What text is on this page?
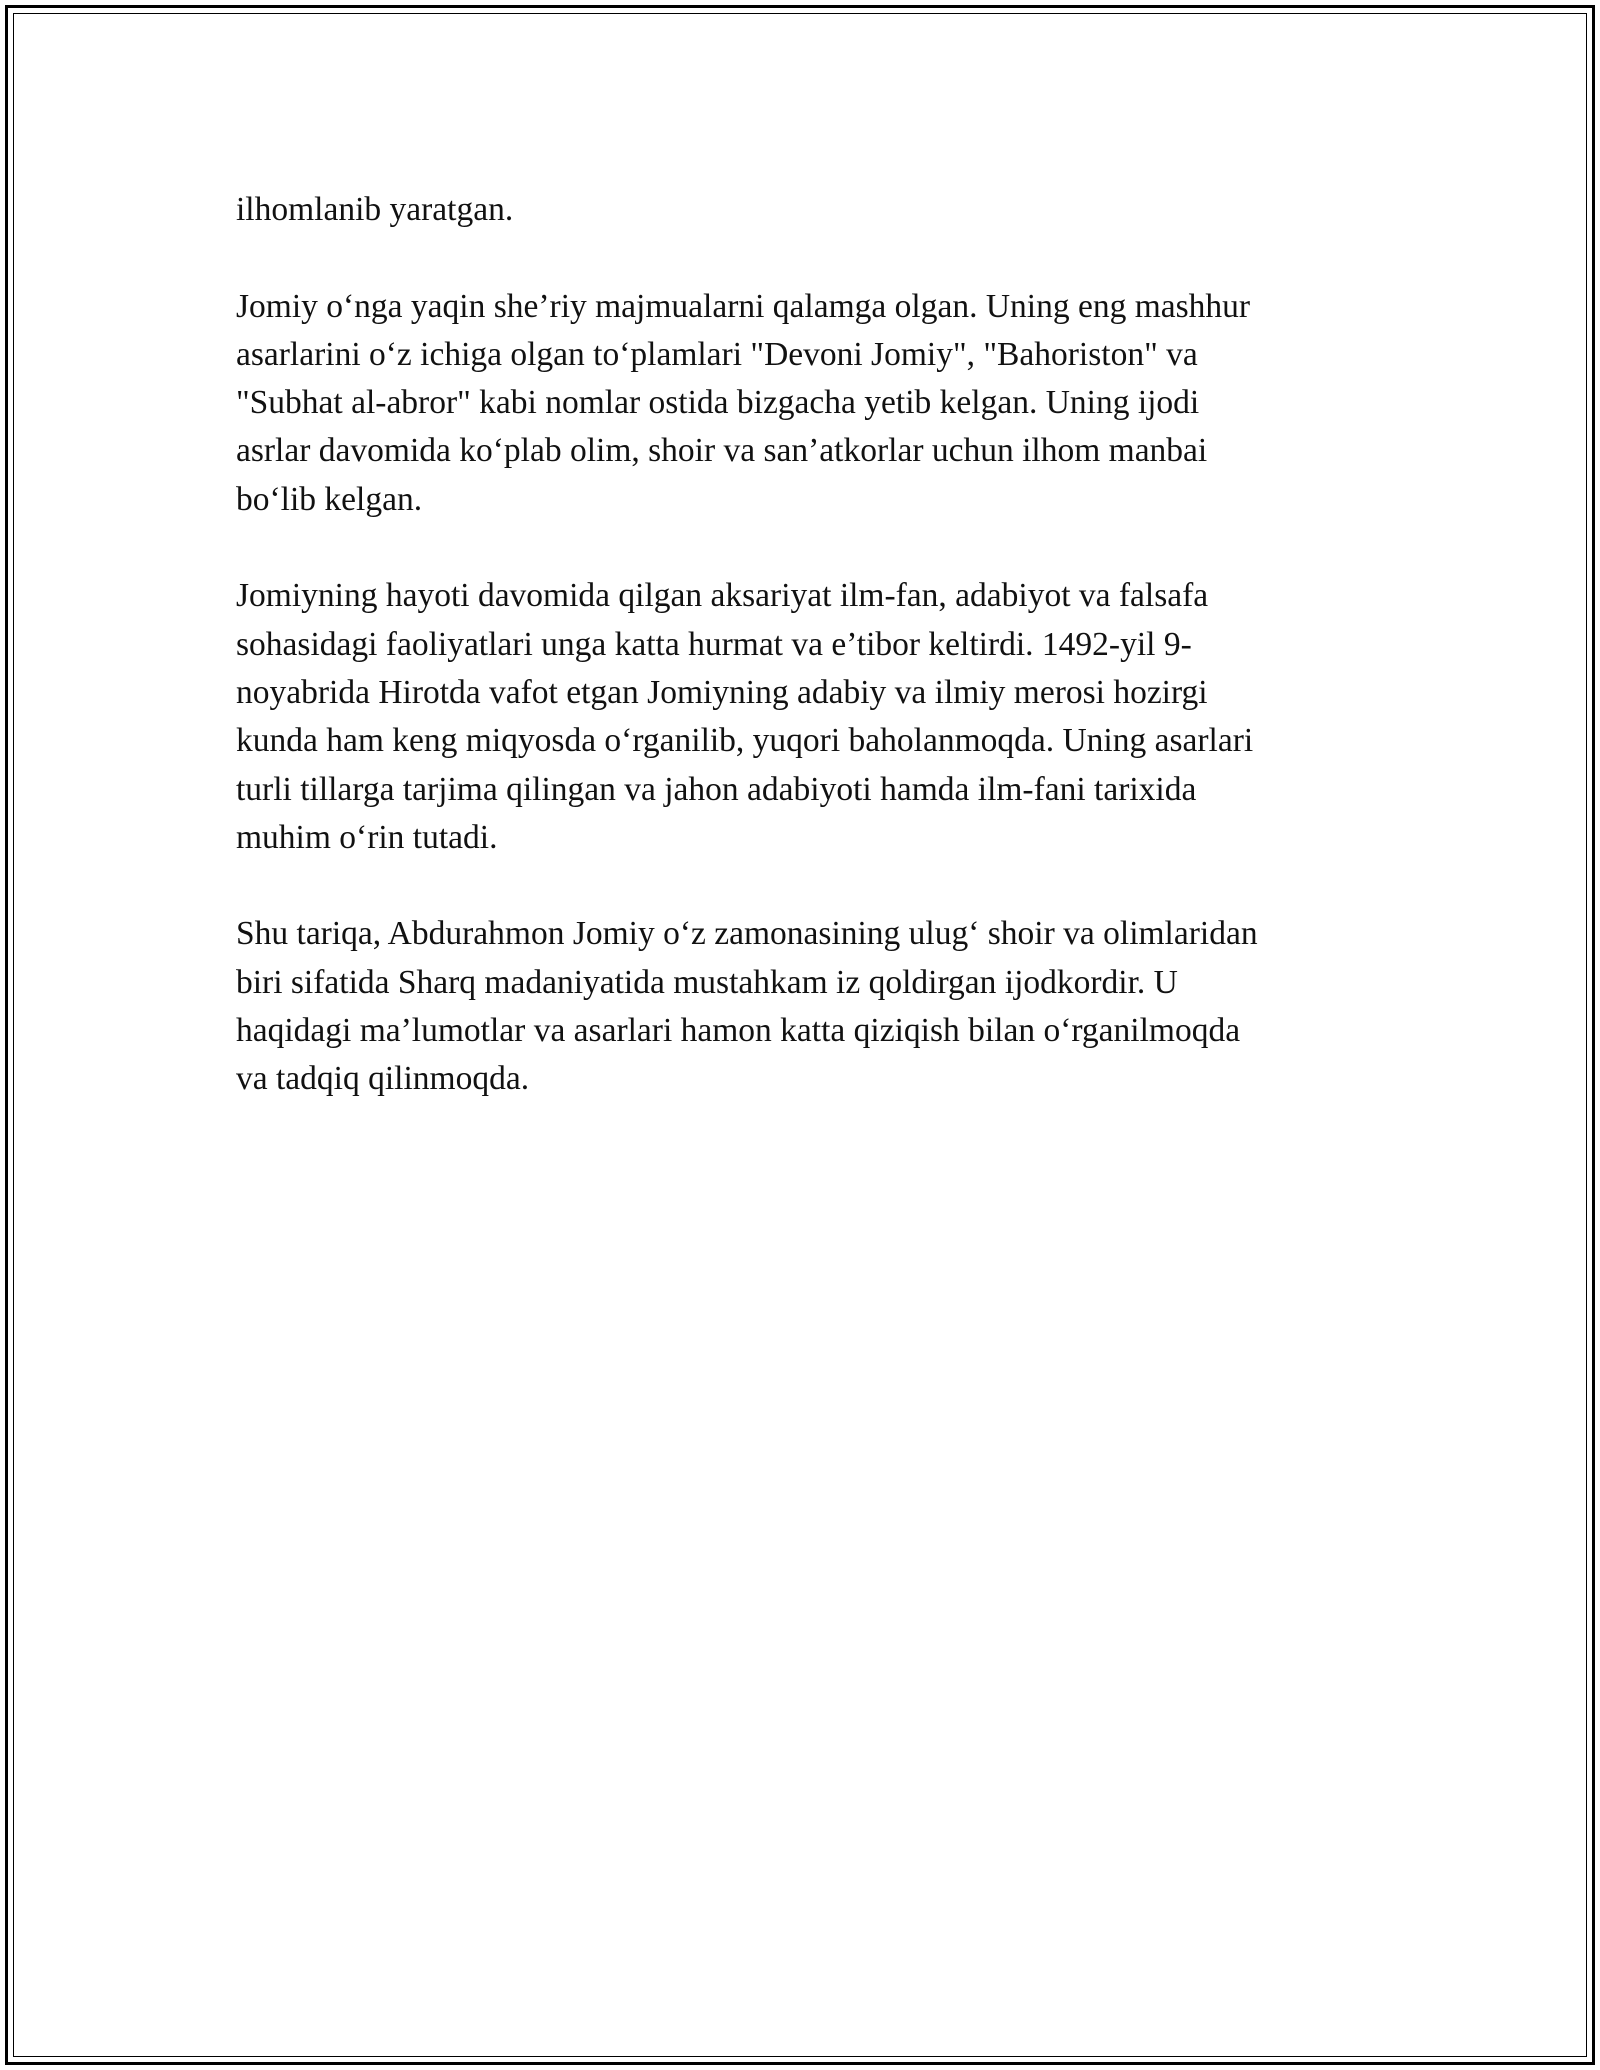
ilhomlanib yaratgan.

Jomiy o‘nga yaqin she’riy majmualarni qalamga olgan. Uning eng mashhur
asarlarini o‘z ichiga olgan to‘plamlari "Devoni Jomiy", "Bahoriston" va
"Subhat al-abror" kabi nomlar ostida bizgacha yetib kelgan. Uning ijodi
asrlar davomida ko‘plab olim, shoir va san’atkorlar uchun ilhom manbai
bo‘lib kelgan.

Jomiyning hayoti davomida qilgan aksariyat ilm-fan, adabiyot va falsafa
sohasidagi faoliyatlari unga katta hurmat va e’tibor keltirdi. 1492-yil 9-
noyabrida Hirotda vafot etgan Jomiyning adabiy va ilmiy merosi hozirgi
kunda ham keng miqyosda o‘rganilib, yuqori baholanmoqda. Uning asarlari
turli tillarga tarjima qilingan va jahon adabiyoti hamda ilm-fani tarixida
muhim o‘rin tutadi.

Shu tariqa, Abdurahmon Jomiy o‘z zamonasining ulug‘ shoir va olimlaridan
biri sifatida Sharq madaniyatida mustahkam iz qoldirgan ijodkordir. U
haqidagi ma’lumotlar va asarlari hamon katta qiziqish bilan o‘rganilmoqda
va tadqiq qilinmoqda.
